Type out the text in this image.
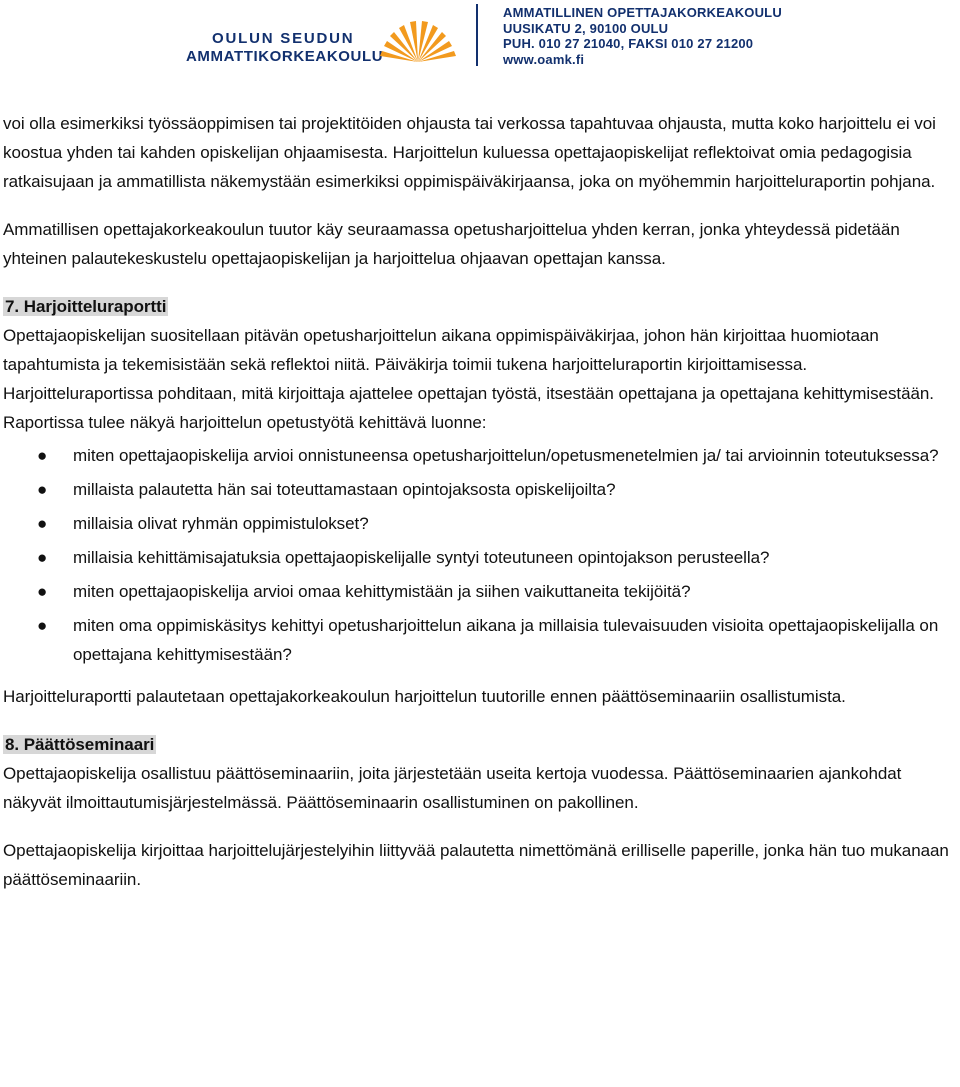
OULUN SEUDUN
AMMATTIKORKEAKOULU
AMMATILLINEN OPETTAJAKORKEAKOULU
UUSIKATU 2, 90100 OULU
PUH. 010 27 21040, FAKSI 010 27 21200
www.oamk.fi

voi olla esimerkiksi työssäoppimisen tai projektitöiden ohjausta tai verkossa tapahtuvaa ohjausta, mutta koko harjoittelu ei voi koostua yhden tai kahden opiskelijan ohjaamisesta. Harjoittelun kuluessa opettajaopiskelijat reflektoivat omia pedagogisia ratkaisujaan ja ammatillista näkemystään esimerkiksi oppimispäiväkirjaansa, joka on myöhemmin harjoitteluraportin pohjana.

Ammatillisen opettajakorkeakoulun tuutor käy seuraamassa opetusharjoittelua yhden kerran, jonka yhteydessä pidetään yhteinen palautekeskustelu opettajaopiskelijan ja harjoittelua ohjaavan opettajan kanssa.

7. Harjoitteluraportti

Opettajaopiskelijan suositellaan pitävän opetusharjoittelun aikana oppimispäiväkirjaa, johon hän kirjoittaa huomiotaan tapahtumista ja tekemisistään sekä reflektoi niitä. Päiväkirja toimii tukena harjoitteluraportin kirjoittamisessa. Harjoitteluraportissa pohditaan, mitä kirjoittaja ajattelee opettajan työstä, itsestään opettajana ja opettajana kehittymisestään. Raportissa tulee näkyä harjoittelun opetustyötä kehittävä luonne:

● miten opettajaopiskelija arvioi onnistuneensa opetusharjoittelun/opetusmenetelmien ja/ tai arvioinnin toteutuksessa?
● millaista palautetta hän sai toteuttamastaan opintojaksosta opiskelijoilta?
● millaisia olivat ryhmän oppimistulokset?
● millaisia kehittämisajatuksia opettajaopiskelijalle syntyi toteutuneen opintojakson perusteella?
● miten opettajaopiskelija arvioi omaa kehittymistään ja siihen vaikuttaneita tekijöitä?
● miten oma oppimiskäsitys kehittyi opetusharjoittelun aikana ja millaisia tulevaisuuden visioita opettajaopiskelijalla on opettajana kehittymisestään?

Harjoitteluraportti palautetaan opettajakorkeakoulun harjoittelun tuutorille ennen päättöseminaariin osallistumista.

8. Päättöseminaari

Opettajaopiskelija osallistuu päättöseminaariin, joita järjestetään useita kertoja vuodessa. Päättöseminaarien ajankohdat näkyvät ilmoittautumisjärjestelmässä. Päättöseminaarin osallistuminen on pakollinen.

Opettajaopiskelija kirjoittaa harjoittelujärjestelyihin liittyvää palautetta nimettömänä erilliselle paperille, jonka hän tuo mukanaan päättöseminaariin.
